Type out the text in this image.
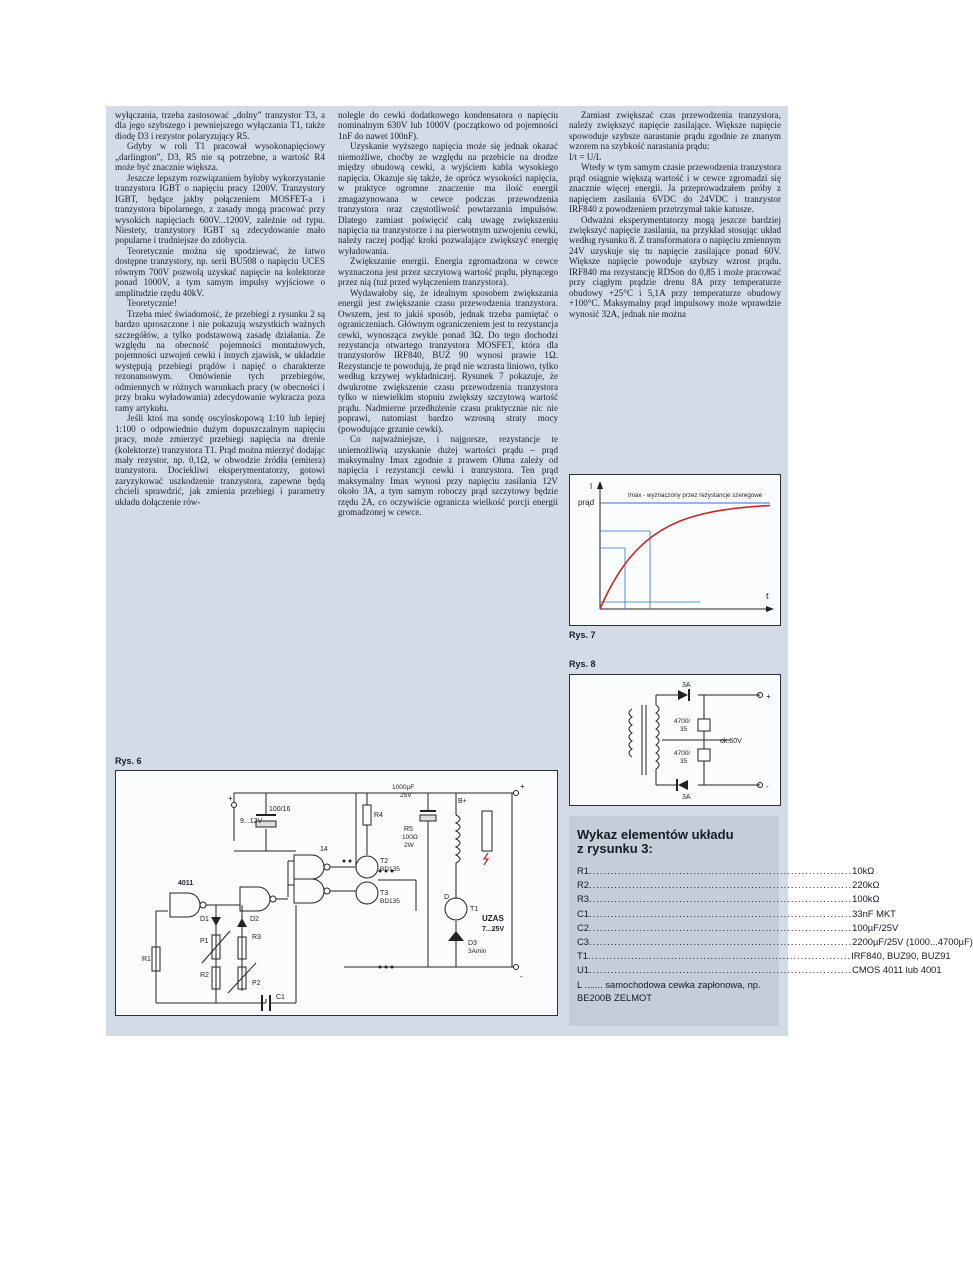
wyłączania, trzeba zastosować „dolny” tranzystor T3, a dla jego szybszego i pewniejszego wyłączania T1, także diodę D3 i rezystor polaryzujący R5.

Gdyby w roli T1 pracował wysokonapięciowy „darlington”, D3, R5 nie są potrzebne, a wartość R4 może być znacznie większa.

Jeszcze lepszym rozwiązaniem byłoby wykorzystanie tranzystora IGBT o napięciu pracy 1200V. Tranzystory IGBT, będące jakby połączeniem MOSFET-a i tranzystora bipolarnego, z zasady mogą pracować przy wysokich napięciach 600V...1200V, zależnie od typu. Niestety, tranzystory IGBT są zdecydowanie mało popularne i trudniejsze do zdobycia.

Teoretycznie można się spodziewać, że łatwo dostępne tranzystory, np. serii BU508 o napięciu UCES równym 700V pozwolą uzyskać napięcie na kolektorze ponad 1000V, a tym samym impulsy wyjściowe o amplitudzie rzędu 40kV.

Teoretycznie!

Trzeba mieć świadomość, że przebiegi z rysunku 2 są bardzo uproszczone i nie pokazują wszystkich ważnych szczegółów, a tylko podstawową zasadę działania. Ze względu na obecność pojemności montażowych, pojemności uzwojeń cewki i innych zjawisk, w układzie występują przebiegi prądów i napięć o charakterze rezonansowym. Omówienie tych przebiegów, odmiennych w różnych warunkach pracy (w obecności i przy braku wyładowania) zdecydowanie wykracza poza ramy artykułu.

Jeśli ktoś ma sondę oscyloskopową 1:10 lub lepiej 1:100 o odpowiednio dużym dopuszczalnym napięciu pracy, może zmierzyć przebiegi napięcia na drenie (kolektorze) tranzystora T1. Prąd można mierzyć dodając mały rezystor, np. 0,1Ω, w obwodzie źródła (emitera) tranzystora. Dociekliwi eksperymentatorzy, gotowi zaryzykować uszkodzenie tranzystora, zapewne będą chcieli sprawdzić, jak zmienia przebiegi i parametry układu dołączenie rów-

nolegle do cewki dodatkowego kondensatora o napięciu nominalnym 630V lub 1000V (początkowo od pojemności 1nF do nawet 100nF).

Uzyskanie wyższego napięcia może się jednak okazać niemożliwe, choćby ze względu na przebicie na drodze między obudową cewki, a wyjściem kabla wysokiego napięcia. Okazuje się także, że oprócz wysokości napięcia, w praktyce ogromne znaczenie ma ilość energii zmagazynowana w cewce podczas przewodzenia tranzystora oraz częstotliwość powtarzania impulsów. Dlatego zamiast poświęcić całą uwagę zwiększeniu napięcia na tranzystorze i na pierwotnym uzwojeniu cewki, należy raczej podjąć kroki pozwalające zwiększyć energię wyładowania.

Zwiększanie energii. Energia zgromadzona w cewce wyznaczona jest przez szczytową wartość prądu, płynącego przez nią (tuż przed wyłączeniem tranzystora).

Wydawałoby się, że idealnym sposobem zwiększania energii jest zwiększanie czasu przewodzenia tranzystora. Owszem, jest to jakiś sposób, jednak trzeba pamiętać o ograniczeniach. Głównym ograniczeniem jest tu rezystancja cewki, wynosząca zwykle ponad 3Ω. Do tego dochodzi rezystancja otwartego tranzystora MOSFET, która dla tranzystorów IRF840, BUZ 90 wynosi prawie 1Ω. Rezystancje te powodują, że prąd nie wzrasta liniowo, tylko według krzywej wykładniczej. Rysunek 7 pokazuje, że dwukrotne zwiększenie czasu przewodzenia tranzystora tylko w niewielkim stopniu zwiększy szczytową wartość prądu. Nadmierne przedłużenie czasu praktycznie nic nie poprawi, natomiast bardzo wzrosną straty mocy (powodujące grzanie cewki).

Co najważniejsze, i najgorsze, rezystancje te uniemożliwią uzyskanie dużej wartości prądu – prąd maksymalny Imax zgodnie z prawem Ohma zależy od napięcia i rezystancji cewki i tranzystora. Ten prąd maksymalny Imax wynosi przy napięciu zasilania 12V około 3A, a tym samym roboczy prąd szczytowy będzie rzędu 2A, co oczywiście ogranicza wielkość porcji energii gromadzonej w cewce.

Zamiast zwiększać czas przewodzenia tranzystora, należy zwiększyć napięcie zasilające. Większe napięcie spowoduje szybsze narastanie prądu zgodnie ze znanym wzorem na szybkość narastania prądu:

I/t = U/L

Wtedy w tym samym czasie przewodzenia tranzystora prąd osiągnie większą wartość i w cewce zgromadzi się znacznie więcej energii. Ja przeprowadzałem próby z napięciem zasilania 6VDC do 24VDC i tranzystor IRF840 z powodzeniem przetrzymał takie katusze.

Odważni eksperymentatorzy mogą jeszcze bardziej zwiększyć napięcie zasilania, na przykład stosując układ według rysunku 8. Z transformatora o napięciu zmiennym 24V uzyskuje się tu napięcie zasilające ponad 60V. Większe napięcie powoduje szybszy wzrost prądu. IRF840 ma rezystancję RDSon do 0,85 i może pracować przy ciągłym prądzie drenu 8A przy temperaturze obudowy +25°C i 5,1A przy temperaturze obudowy +100°C. Maksymalny prąd impulsowy może wprawdzie wynosić 32A, jednak nie można

I
prąd
t
Imax - wyznaczony przez rezystancje szeregowe
Rys. 7
Rys. 8
3A
3A
4700/
35
4700/
35
+
-
ok.60V
Wykaz elementów układu
z rysunku 3:
R1 ......................................................................... 10kΩ
R2 ......................................................................... 220kΩ
R3 ......................................................................... 100kΩ
C1 ......................................................................... 33nF MKT
C2 ......................................................................... 100µF/25V
C3 ......................................................................... 2200µF/25V (1000...4700µF)
T1 ......................................................................... IRF840, BUZ90, BUZ91
U1 ......................................................................... CMOS 4011 lub 4001
L ....... samochodowa cewka zapłonowa, np. BE200B ZELMOT
Rys. 6
100/16
+
9...12V
14
4011
R4
T2
BD135
T3
BD135
R5
100Ω
2W
1000µF
25V
B+
T1
D
UZAS
7...25V
D3
3Amin
D1	D2
P1
R3
R1
R2
P2
C1
+
-
